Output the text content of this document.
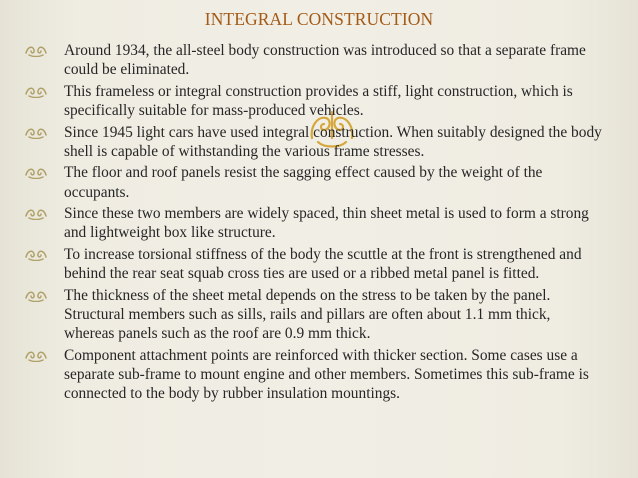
INTEGRAL CONSTRUCTION
Around 1934, the all-steel body construction was introduced so that a separate frame could be eliminated.
This frameless or integral construction provides a stiff, light construction, which is specifically suitable for mass-produced vehicles.
Since 1945 light cars have used integral construction. When suitably designed the body shell is capable of withstanding the various frame stresses.
The floor and roof panels resist the sagging effect caused by the weight of the occupants.
Since these two members are widely spaced, thin sheet metal is used to form a strong and lightweight box like structure.
To increase torsional stiffness of the body the scuttle at the front is strengthened and behind the rear seat squab cross ties are used or a ribbed metal panel is fitted.
The thickness of the sheet metal depends on the stress to be taken by the panel. Structural members such as sills, rails and pillars are often about 1.1 mm thick, whereas panels such as the roof are 0.9 mm thick.
Component attachment points are reinforced with thicker section. Some cases use a separate sub-frame to mount engine and other members. Sometimes this sub-frame is connected to the body by rubber insulation mountings.
